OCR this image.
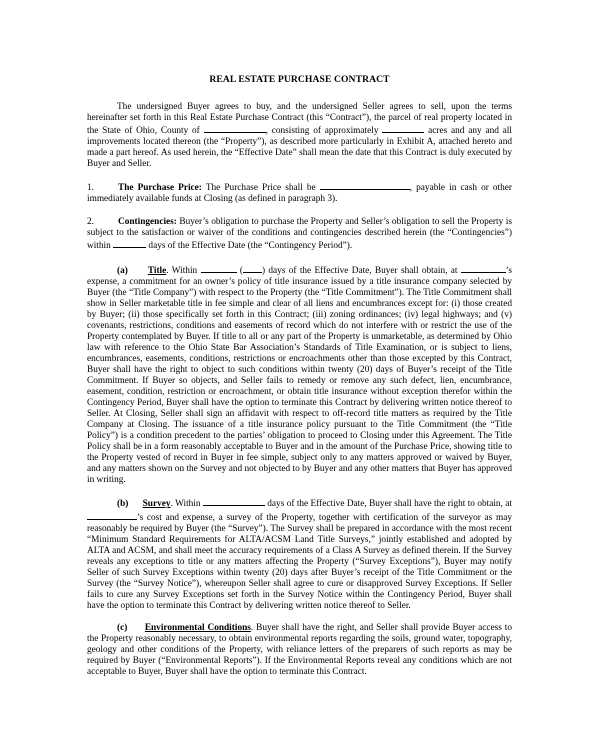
REAL ESTATE PURCHASE CONTRACT

The undersigned Buyer agrees to buy, and the undersigned Seller agrees to sell, upon the terms hereinafter set forth in this Real Estate Purchase Contract (this “Contract”), the parcel of real property located in the State of Ohio, County of	, consisting of approximately	acres and any and all improvements located thereon (the “Property”), as described more particularly in Exhibit A, attached hereto and made a part hereof. As used herein, the “Effective Date” shall mean the date that this Contract is duly executed by Buyer and Seller.

1.	The Purchase Price: The Purchase Price shall be	, payable in cash or other immediately available funds at Closing (as defined in paragraph 3).

2.	Contingencies: Buyer’s obligation to purchase the Property and Seller’s obligation to sell the Property is subject to the satisfaction or waiver of the conditions and contingencies described herein (the “Contingencies”) within	days of the Effective Date (the “Contingency Period”).

(a) Title. Within	( ) days of the Effective Date, Buyer shall obtain, at	’s expense, a commitment for an owner’s policy of title insurance issued by a title insurance company selected by Buyer (the “Title Company”) with respect to the Property (the “Title Commitment”). The Title Commitment shall show in Seller marketable title in fee simple and clear of all liens and encumbrances except for: (i) those created by Buyer; (ii) those specifically set forth in this Contract; (iii) zoning ordinances; (iv) legal highways; and (v) covenants, restrictions, conditions and easements of record which do not interfere with or restrict the use of the Property contemplated by Buyer. If title to all or any part of the Property is unmarketable, as determined by Ohio law with reference to the Ohio State Bar Association’s Standards of Title Examination, or is subject to liens, encumbrances, easements, conditions, restrictions or encroachments other than those excepted by this Contract, Buyer shall have the right to object to such conditions within twenty (20) days of Buyer’s receipt of the Title Commitment. If Buyer so objects, and Seller fails to remedy or remove any such defect, lien, encumbrance, easement, condition, restriction or encroachment, or obtain title insurance without exception therefor within the Contingency Period, Buyer shall have the option to terminate this Contract by delivering written notice thereof to Seller. At Closing, Seller shall sign an affidavit with respect to off-record title matters as required by the Title Company at Closing. The issuance of a title insurance policy pursuant to the Title Commitment (the “Title Policy”) is a condition precedent to the parties’ obligation to proceed to Closing under this Agreement. The Title Policy shall be in a form reasonably acceptable to Buyer and in the amount of the Purchase Price, showing title to the Property vested of record in Buyer in fee simple, subject only to any matters approved or waived by Buyer, and any matters shown on the Survey and not objected to by Buyer and any other matters that Buyer has approved in writing.

(b) Survey. Within	days of the Effective Date, Buyer shall have the right to obtain, at ’s cost and expense, a survey of the Property, together with certification of the surveyor as may reasonably be required by Buyer (the “Survey”). The Survey shall be prepared in accordance with the most recent “Minimum Standard Requirements for ALTA/ACSM Land Title Surveys,” jointly established and adopted by ALTA and ACSM, and shall meet the accuracy requirements of a Class A Survey as defined therein. If the Survey reveals any exceptions to title or any matters affecting the Property (“Survey Exceptions”), Buyer may notify Seller of such Survey Exceptions within twenty (20) days after Buyer’s receipt of the Title Commitment or the Survey (the “Survey Notice”), whereupon Seller shall agree to cure or disapproved Survey Exceptions. If Seller fails to cure any Survey Exceptions set forth in the Survey Notice within the Contingency Period, Buyer shall have the option to terminate this Contract by delivering written notice thereof to Seller.

(c) Environmental Conditions. Buyer shall have the right, and Seller shall provide Buyer access to the Property reasonably necessary, to obtain environmental reports regarding the soils, ground water, topography, geology and other conditions of the Property, with reliance letters of the preparers of such reports as may be required by Buyer (“Environmental Reports”). If the Environmental Reports reveal any conditions which are not acceptable to Buyer, Buyer shall have the option to terminate this Contract.
